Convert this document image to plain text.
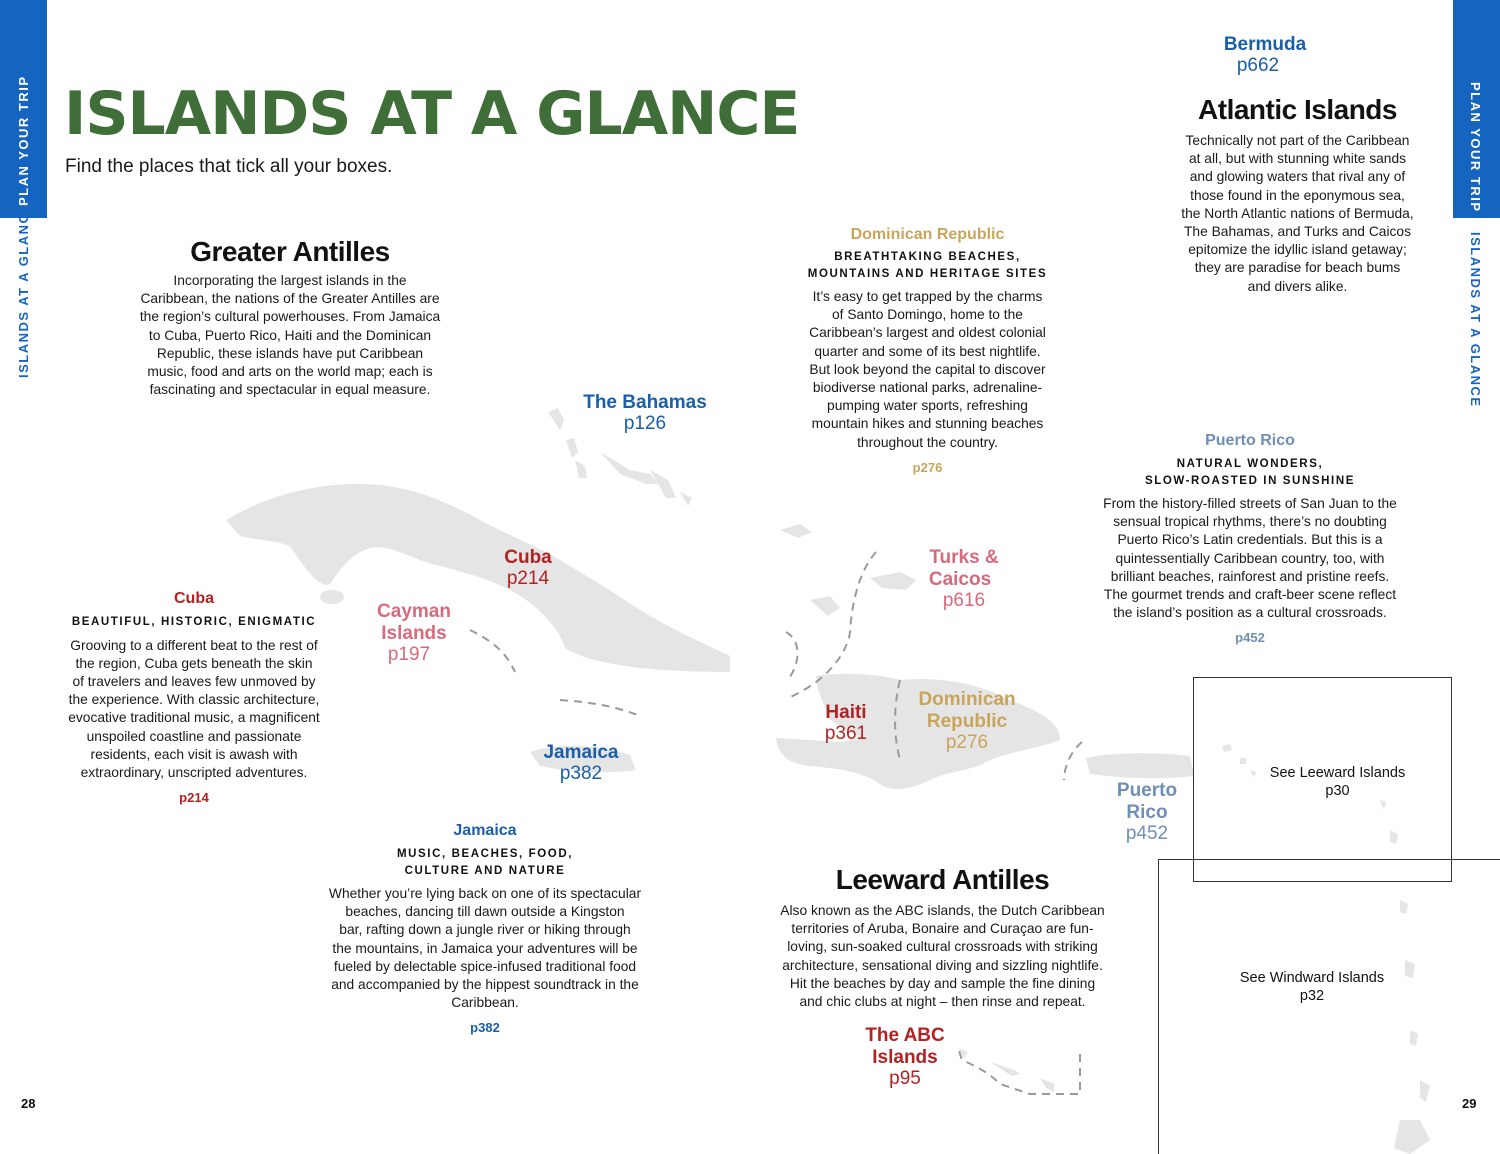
PLAN YOUR TRIP
ISLANDS AT A GLANCE
PLAN YOUR TRIP
ISLANDS AT A GLANCE
ISLANDS AT A GLANCE
Find the places that tick all your boxes.
Greater Antilles
Incorporating the largest islands in the
Caribbean, the nations of the Greater Antilles are
the region’s cultural powerhouses. From Jamaica
to Cuba, Puerto Rico, Haiti and the Dominican
Republic, these islands have put Caribbean
music, food and arts on the world map; each is
fascinating and spectacular in equal measure.
Atlantic Islands
Technically not part of the Caribbean
at all, but with stunning white sands
and glowing waters that rival any of
those found in the eponymous sea,
the North Atlantic nations of Bermuda,
The Bahamas, and Turks and Caicos
epitomize the idyllic island getaway;
they are paradise for beach bums
and divers alike.
Leeward Antilles
Also known as the ABC islands, the Dutch Caribbean
territories of Aruba, Bonaire and Curaçao are fun-
loving, sun-soaked cultural crossroads with striking
architecture, sensational diving and sizzling nightlife.
Hit the beaches by day and sample the fine dining
and chic clubs at night – then rinse and repeat.
Cuba
BEAUTIFUL, HISTORIC, ENIGMATIC
Grooving to a different beat to the rest of
the region, Cuba gets beneath the skin
of travelers and leaves few unmoved by
the experience. With classic architecture,
evocative traditional music, a magnificent
unspoiled coastline and passionate
residents, each visit is awash with
extraordinary, unscripted adventures.
p214
Jamaica
MUSIC, BEACHES, FOOD,
CULTURE AND NATURE
Whether you’re lying back on one of its spectacular
beaches, dancing till dawn outside a Kingston
bar, rafting down a jungle river or hiking through
the mountains, in Jamaica your adventures will be
fueled by delectable spice-infused traditional food
and accompanied by the hippest soundtrack in the
Caribbean.
p382
Dominican Republic
BREATHTAKING BEACHES,
MOUNTAINS AND HERITAGE SITES
It’s easy to get trapped by the charms
of Santo Domingo, home to the
Caribbean’s largest and oldest colonial
quarter and some of its best nightlife.
But look beyond the capital to discover
biodiverse national parks, adrenaline-
pumping water sports, refreshing
mountain hikes and stunning beaches
throughout the country.
p276
Puerto Rico
NATURAL WONDERS,
SLOW-ROASTED IN SUNSHINE
From the history-filled streets of San Juan to the
sensual tropical rhythms, there’s no doubting
Puerto Rico’s Latin credentials. But this is a
quintessentially Caribbean country, too, with
brilliant beaches, rainforest and pristine reefs.
The gourmet trends and craft-beer scene reflect
the island’s position as a cultural crossroads.
p452
Bermuda
p662
The Bahamas
p126
Cuba
p214
Cayman
Islands
p197
Jamaica
p382
Turks &
Caicos
p616
Haiti
p361
Dominican
Republic
p276
Puerto
Rico
p452
The ABC
Islands
p95
See Leeward Islands
p30
See Windward Islands
p32
28	29
